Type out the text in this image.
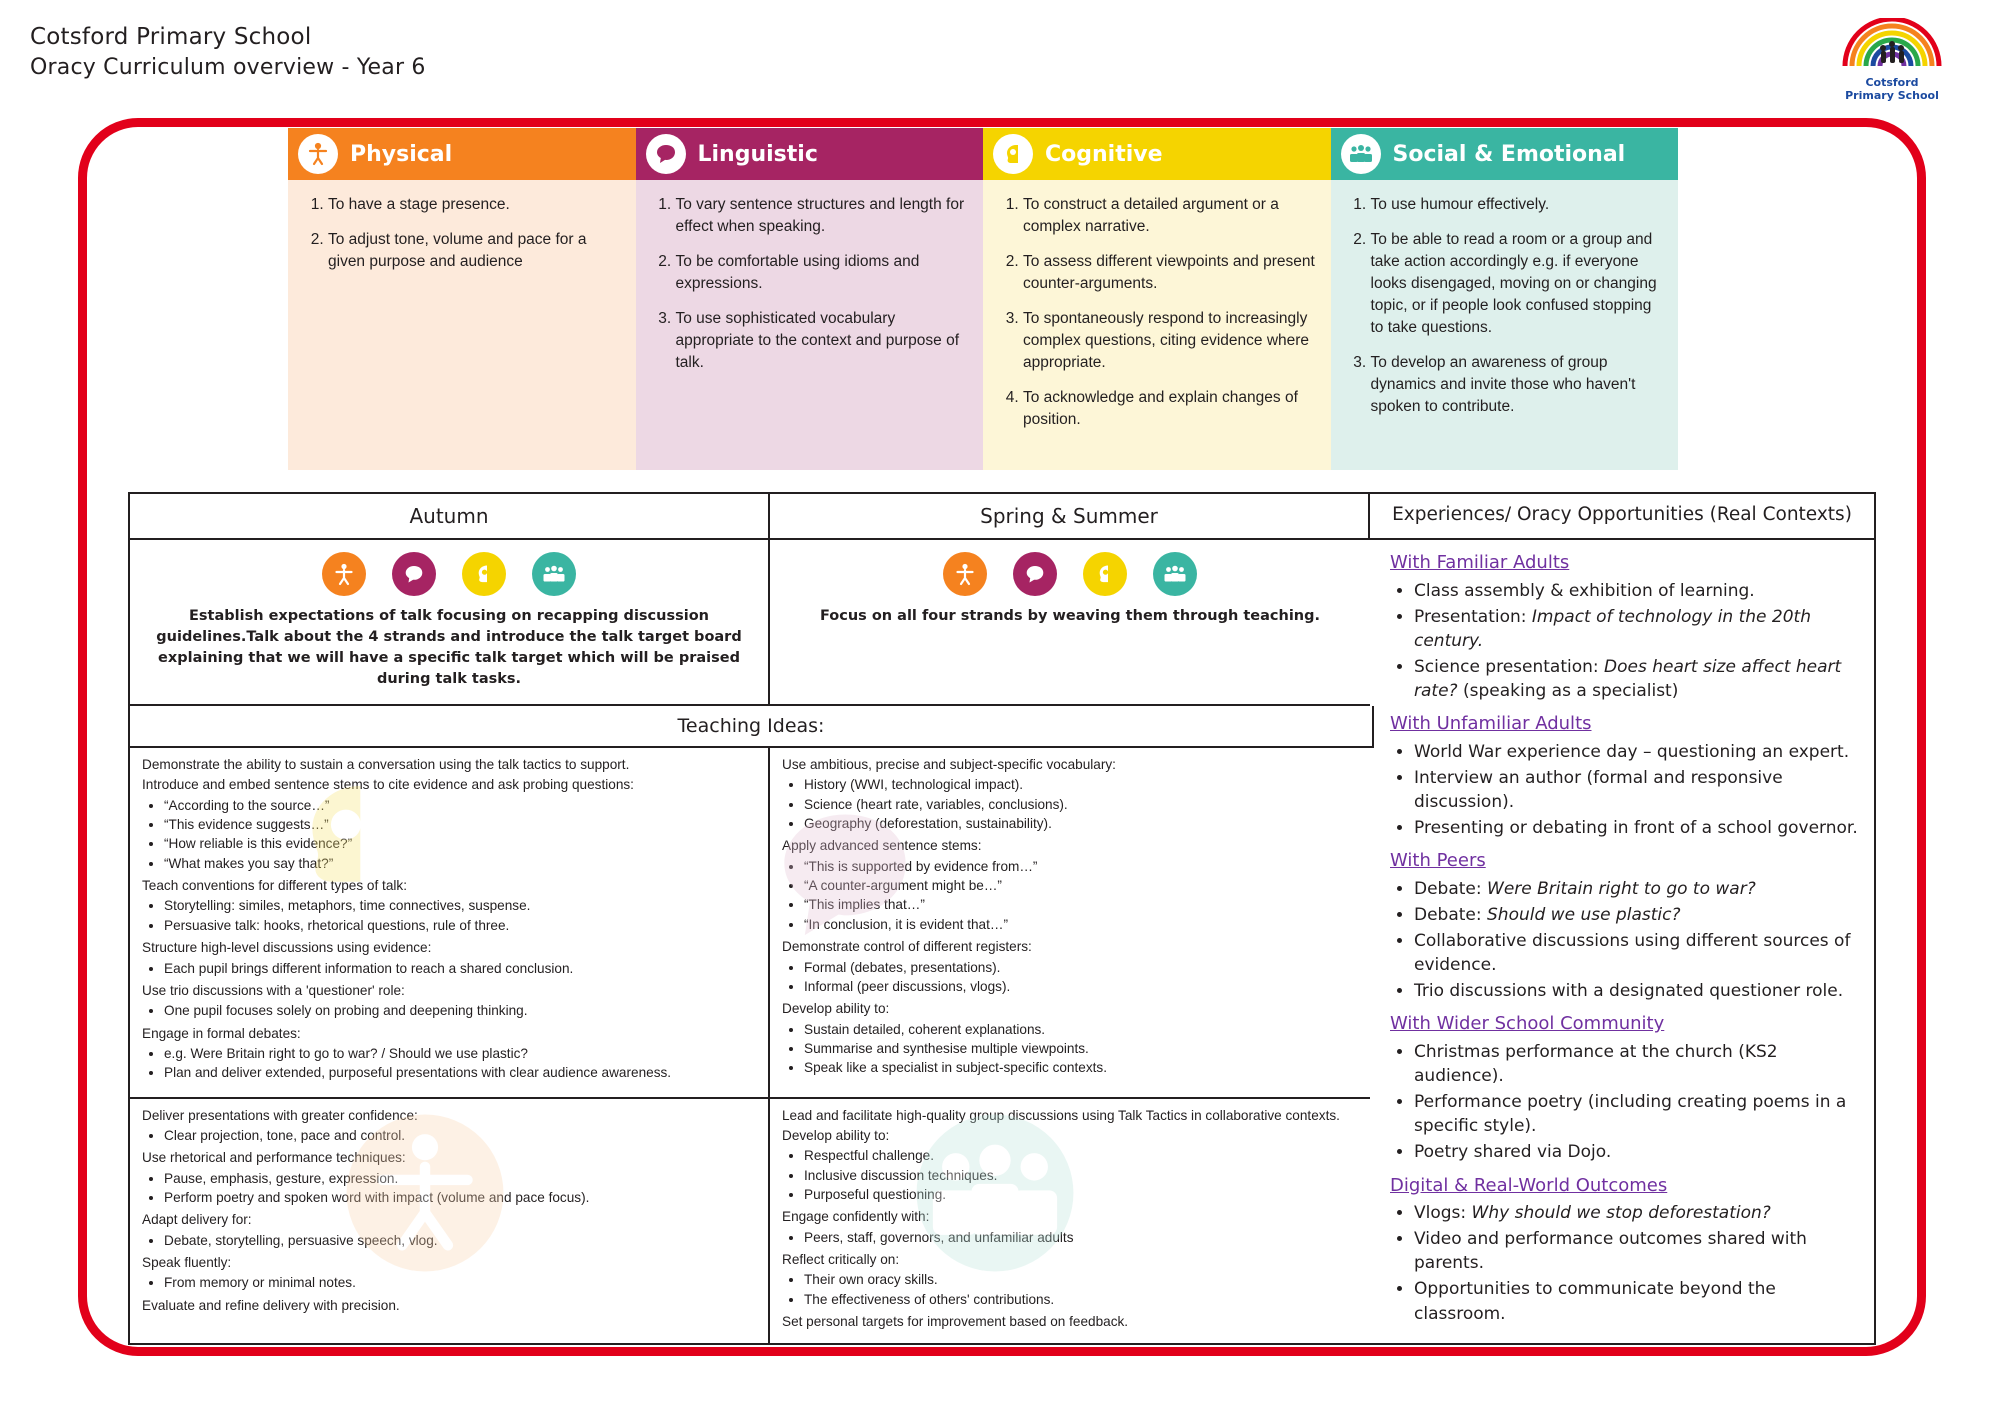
Cotsford Primary School
Oracy Curriculum overview - Year 6
Cotsford
Primary School
Physical
1. To have a stage presence.
2. To adjust tone, volume and pace for a given purpose and audience
Linguistic
1. To vary sentence structures and length for effect when speaking.
2. To be comfortable using idioms and expressions.
3. To use sophisticated vocabulary appropriate to the context and purpose of talk.
Cognitive
1. To construct a detailed argument or a complex narrative.
2. To assess different viewpoints and present counter-arguments.
3. To spontaneously respond to increasingly complex questions, citing evidence where appropriate.
4. To acknowledge and explain changes of position.
Social & Emotional
1. To use humour effectively.
2. To be able to read a room or a group and take action accordingly e.g. if everyone looks disengaged, moving on or changing topic, or if people look confused stopping to take questions.
3. To develop an awareness of group dynamics and invite those who haven't spoken to contribute.
Autumn	Spring & Summer	Experiences/ Oracy Opportunities (Real Contexts)
Establish expectations of talk focusing on recapping discussion guidelines.Talk about the 4 strands and introduce the talk target board explaining that we will have a specific talk target which will be praised during talk tasks.
Focus on all four strands by weaving them through teaching.
Teaching Ideas:

Demonstrate the ability to sustain a conversation using the talk tactics to support.

Introduce and embed sentence stems to cite evidence and ask probing questions:

• “According to the source…”
• “This evidence suggests…”
• “How reliable is this evidence?”
• “What makes you say that?”

Teach conventions for different types of talk:

• Storytelling: similes, metaphors, time connectives, suspense.
• Persuasive talk: hooks, rhetorical questions, rule of three.

Structure high-level discussions using evidence:

• Each pupil brings different information to reach a shared conclusion.

Use trio discussions with a 'questioner' role:

• One pupil focuses solely on probing and deepening thinking.

Engage in formal debates:

• e.g. Were Britain right to go to war? / Should we use plastic?
• Plan and deliver extended, purposeful presentations with clear audience awareness.

Use ambitious, precise and subject-specific vocabulary:

• History (WWI, technological impact).
• Science (heart rate, variables, conclusions).
• Geography (deforestation, sustainability).

Apply advanced sentence stems:

• “This is supported by evidence from…”
• “A counter-argument might be…”
• “This implies that…”
• “In conclusion, it is evident that…”

Demonstrate control of different registers:

• Formal (debates, presentations).
• Informal (peer discussions, vlogs).

Develop ability to:

• Sustain detailed, coherent explanations.
• Summarise and synthesise multiple viewpoints.
• Speak like a specialist in subject-specific contexts.

Deliver presentations with greater confidence:

• Clear projection, tone, pace and control.

Use rhetorical and performance techniques:

• Pause, emphasis, gesture, expression.
• Perform poetry and spoken word with impact (volume and pace focus).

Adapt delivery for:

• Debate, storytelling, persuasive speech, vlog.

Speak fluently:

• From memory or minimal notes.

Evaluate and refine delivery with precision.

Lead and facilitate high-quality group discussions using Talk Tactics in collaborative contexts.

Develop ability to:

• Respectful challenge.
• Inclusive discussion techniques.
• Purposeful questioning.

Engage confidently with:

• Peers, staff, governors, and unfamiliar adults

Reflect critically on:

• Their own oracy skills.
• The effectiveness of others' contributions.

Set personal targets for improvement based on feedback.

With Familiar Adults
• Class assembly & exhibition of learning.
• Presentation: Impact of technology in the 20th century.
• Science presentation: Does heart size affect heart rate? (speaking as a specialist)
With Unfamiliar Adults
• World War experience day – questioning an expert.
• Interview an author (formal and responsive discussion).
• Presenting or debating in front of a school governor.
With Peers
• Debate: Were Britain right to go to war?
• Debate: Should we use plastic?
• Collaborative discussions using different sources of evidence.
• Trio discussions with a designated questioner role.
With Wider School Community
• Christmas performance at the church (KS2 audience).
• Performance poetry (including creating poems in a specific style).
• Poetry shared via Dojo.
Digital & Real-World Outcomes
• Vlogs: Why should we stop deforestation?
• Video and performance outcomes shared with parents.
• Opportunities to communicate beyond the classroom.
